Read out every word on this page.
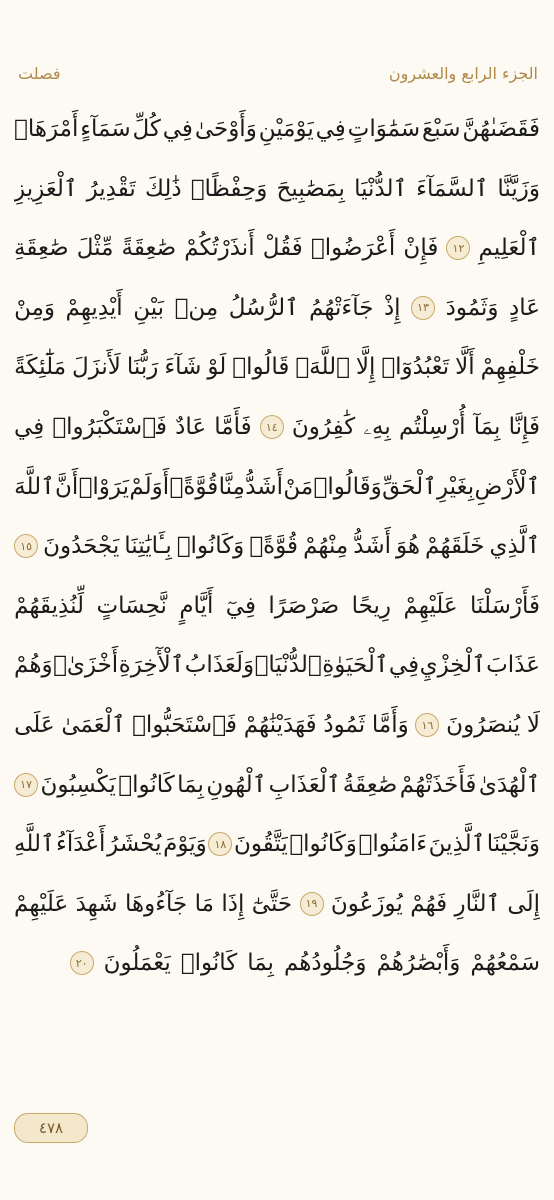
الجزء الرابع والعشرون
فصلت
فَقَضَىٰهُنَّ
سَبْعَ
سَمَٰوَاتٍ
فِي
يَوْمَيْنِ
وَأَوْحَىٰ
فِي
كُلِّ
سَمَآءٍ
أَمْرَهَاۚ
وَزَيَّنَّا
ٱلسَّمَآءَ
ٱلدُّنْيَا
بِمَصَٰبِيحَ
وَحِفْظًاۚ
ذَٰلِكَ
تَقْدِيرُ
ٱلْعَزِيزِ
ٱلْعَلِيمِ
١٢
فَإِنْ
أَعْرَضُوا۟
فَقُلْ
أَنذَرْتُكُمْ
صَٰعِقَةً
مِّثْلَ
صَٰعِقَةِ
عَادٍ
وَثَمُودَ
١٣
إِذْ
جَآءَتْهُمُ
ٱلرُّسُلُ
مِنۢ
بَيْنِ
أَيْدِيهِمْ
وَمِنْ
خَلْفِهِمْ
أَلَّا
تَعْبُدُوٓا۟
إِلَّا
ٱللَّهَۖ
قَالُوا۟
لَوْ
شَآءَ
رَبُّنَا
لَأَنزَلَ
مَلَٰٓئِكَةً
فَإِنَّا
بِمَآ
أُرْسِلْتُم
بِهِۦ
كَٰفِرُونَ
١٤
فَأَمَّا
عَادٌ
فَٱسْتَكْبَرُوا۟
فِي
ٱلْأَرْضِ
بِغَيْرِ
ٱلْحَقِّ
وَقَالُوا۟
مَنْ
أَشَدُّ
مِنَّا
قُوَّةًۖ
أَوَلَمْ
يَرَوْا۟
أَنَّ
ٱللَّهَ
ٱلَّذِي
خَلَقَهُمْ
هُوَ
أَشَدُّ
مِنْهُمْ
قُوَّةًۖ
وَكَانُوا۟
بِـَٔايَٰتِنَا
يَجْحَدُونَ
١٥
فَأَرْسَلْنَا
عَلَيْهِمْ
رِيحًا
صَرْصَرًا
فِيٓ
أَيَّامٍ
نَّحِسَاتٍ
لِّنُذِيقَهُمْ
عَذَابَ
ٱلْخِزْيِ
فِي
ٱلْحَيَوٰةِ
ٱلدُّنْيَاۖ
وَلَعَذَابُ
ٱلْأٓخِرَةِ
أَخْزَىٰۖ
وَهُمْ
لَا
يُنصَرُونَ
١٦
وَأَمَّا
ثَمُودُ
فَهَدَيْنَٰهُمْ
فَٱسْتَحَبُّوا۟
ٱلْعَمَىٰ
عَلَى
ٱلْهُدَىٰ
فَأَخَذَتْهُمْ
صَٰعِقَةُ
ٱلْعَذَابِ
ٱلْهُونِ
بِمَا
كَانُوا۟
يَكْسِبُونَ
١٧
وَنَجَّيْنَا
ٱلَّذِينَ
ءَامَنُوا۟
وَكَانُوا۟
يَتَّقُونَ
١٨
وَيَوْمَ
يُحْشَرُ
أَعْدَآءُ
ٱللَّهِ
إِلَى
ٱلنَّارِ
فَهُمْ
يُوزَعُونَ
١٩
حَتَّىٰٓ
إِذَا
مَا
جَآءُوهَا
شَهِدَ
عَلَيْهِمْ
سَمْعُهُمْ
وَأَبْصَٰرُهُمْ
وَجُلُودُهُم
بِمَا
كَانُوا۟
يَعْمَلُونَ
٢٠
٤٧٨
